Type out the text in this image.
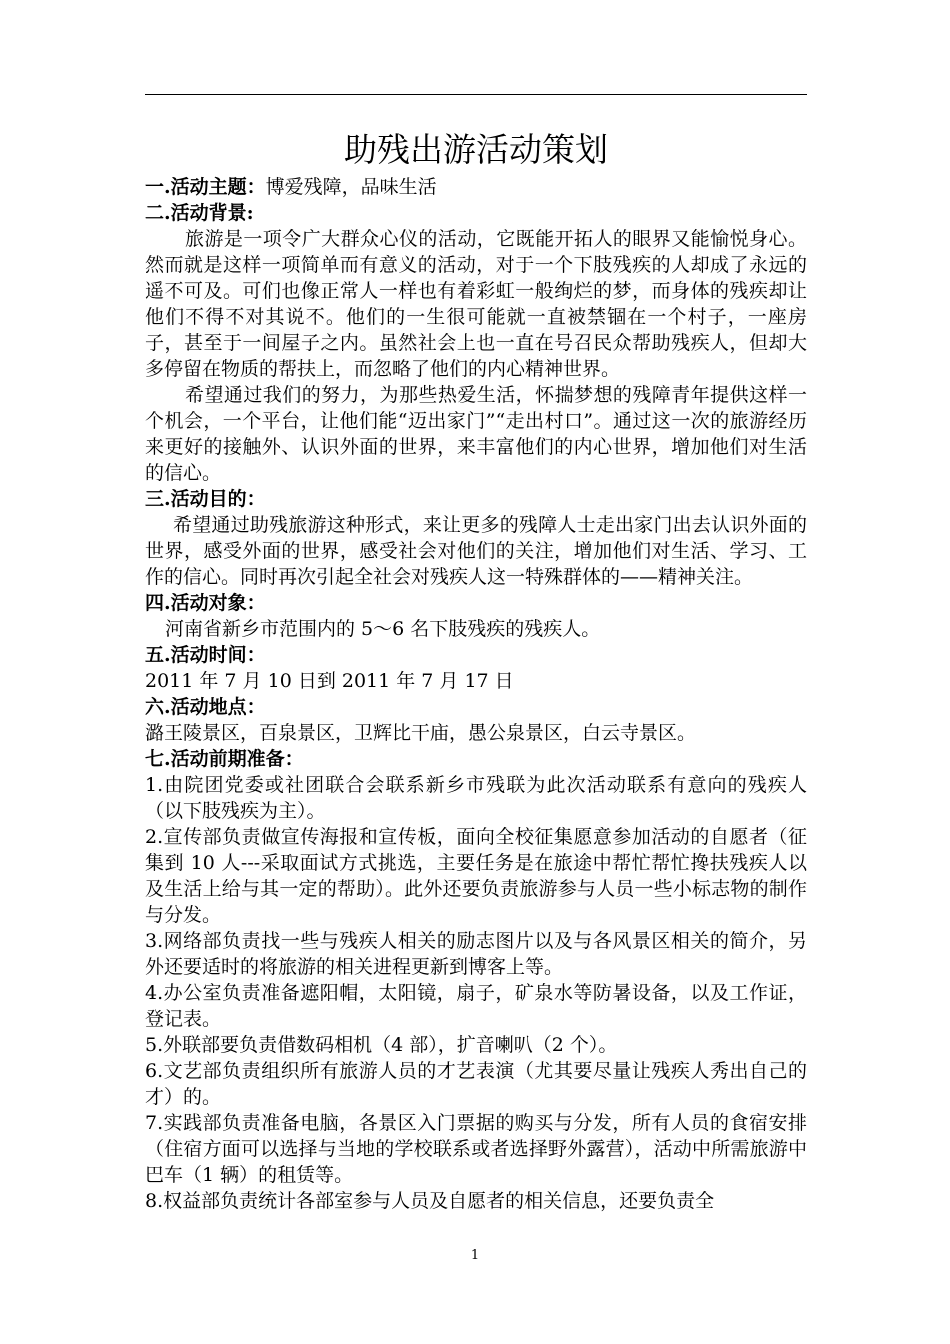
助残出游活动策划
一.活动主题：博爱残障，品味生活
二.活动背景:

旅游是一项令广大群众心仪的活动，它既能开拓人的眼界又能愉悦身心。然而就是这样一项简单而有意义的活动，对于一个下肢残疾的人却成了永远的遥不可及。可们也像正常人一样也有着彩虹一般绚烂的梦，而身体的残疾却让他们不得不对其说不。他们的一生很可能就一直被禁锢在一个村子，一座房子，甚至于一间屋子之内。虽然社会上也一直在号召民众帮助残疾人，但却大多停留在物质的帮扶上，而忽略了他们的内心精神世界。

希望通过我们的努力，为那些热爱生活，怀揣梦想的残障青年提供这样一个机会，一个平台，让他们能“迈出家门”“走出村口”。通过这一次的旅游经历来更好的接触外、认识外面的世界，来丰富他们的内心世界，增加他们对生活的信心。

三.活动目的：

希望通过助残旅游这种形式，来让更多的残障人士走出家门出去认识外面的世界，感受外面的世界，感受社会对他们的关注，增加他们对生活、学习、工作的信心。同时再次引起全社会对残疾人这一特殊群体的——精神关注。

四.活动对象：

河南省新乡市范围内的 5～6 名下肢残疾的残疾人。

五.活动时间：

2011 年 7 月 10 日到 2011 年 7 月 17 日

六.活动地点：

潞王陵景区，百泉景区，卫辉比干庙，愚公泉景区，白云寺景区。

七.活动前期准备：

1.由院团党委或社团联合会联系新乡市残联为此次活动联系有意向的残疾人（以下肢残疾为主）。

2.宣传部负责做宣传海报和宣传板，面向全校征集愿意参加活动的自愿者（征集到 10 人---采取面试方式挑选，主要任务是在旅途中帮忙帮忙搀扶残疾人以及生活上给与其一定的帮助）。此外还要负责旅游参与人员一些小标志物的制作与分发。

3.网络部负责找一些与残疾人相关的励志图片以及与各风景区相关的简介，另外还要适时的将旅游的相关进程更新到博客上等。

4.办公室负责准备遮阳帽，太阳镜，扇子，矿泉水等防暑设备，以及工作证，登记表。

5.外联部要负责借数码相机（4 部），扩音喇叭（2 个）。

6.文艺部负责组织所有旅游人员的才艺表演（尤其要尽量让残疾人秀出自己的才）的。

7.实践部负责准备电脑，各景区入门票据的购买与分发，所有人员的食宿安排（住宿方面可以选择与当地的学校联系或者选择野外露营），活动中所需旅游中巴车（1 辆）的租赁等。

8.权益部负责统计各部室参与人员及自愿者的相关信息，还要负责全

1
